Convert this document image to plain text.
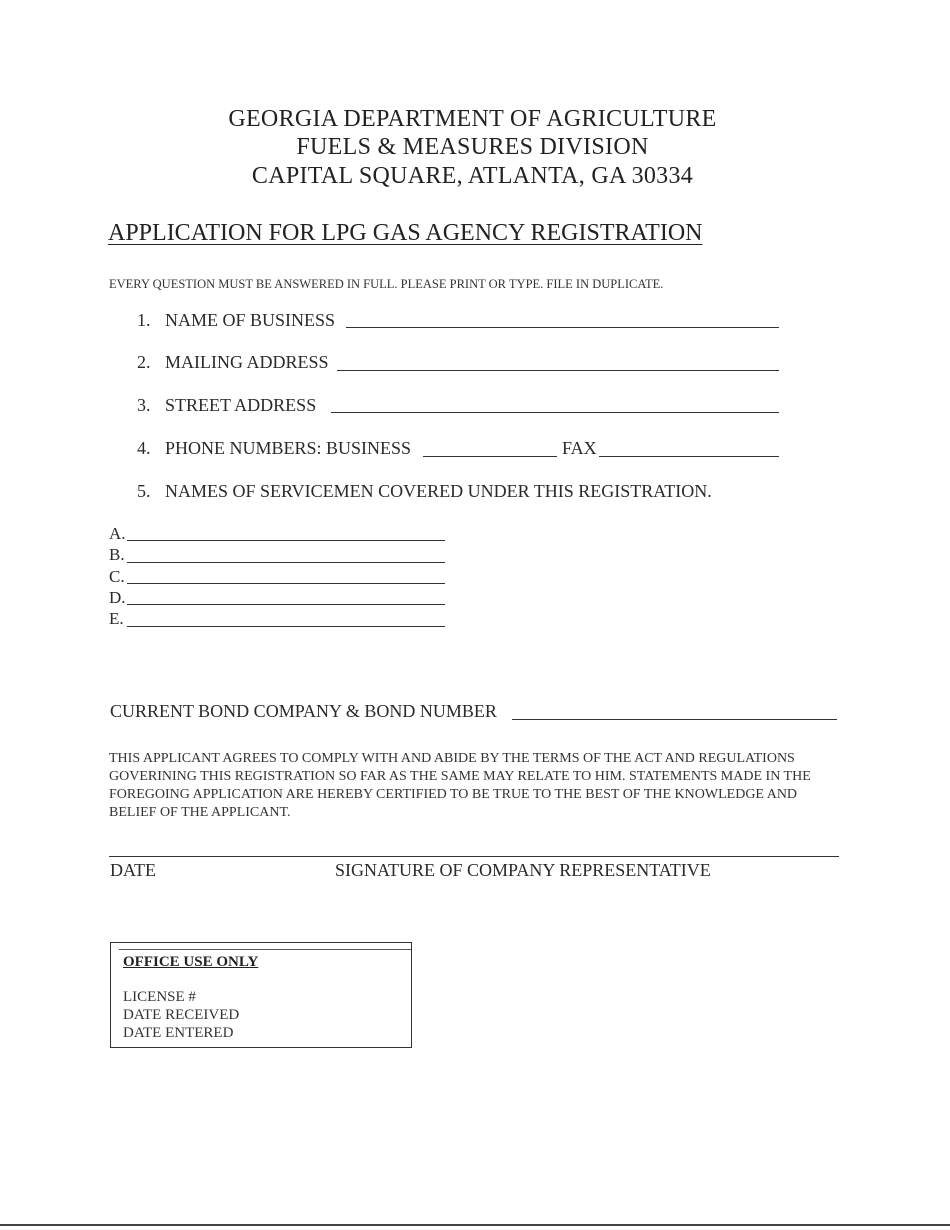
GEORGIA DEPARTMENT OF AGRICULTURE
FUELS & MEASURES DIVISION
CAPITAL SQUARE, ATLANTA, GA 30334
APPLICATION FOR LPG GAS AGENCY REGISTRATION
EVERY QUESTION MUST BE ANSWERED IN FULL. PLEASE PRINT OR TYPE. FILE IN DUPLICATE.
1. NAME OF BUSINESS
2. MAILING ADDRESS
3. STREET ADDRESS
4. PHONE NUMBERS: BUSINESS	FAX
5. NAMES OF SERVICEMEN COVERED UNDER THIS REGISTRATION.
A.
B.
C.
D.
E.
CURRENT BOND COMPANY & BOND NUMBER
THIS APPLICANT AGREES TO COMPLY WITH AND ABIDE BY THE TERMS OF THE ACT AND REGULATIONS GOVERINING THIS REGISTRATION SO FAR AS THE SAME MAY RELATE TO HIM. STATEMENTS MADE IN THE FOREGOING APPLICATION ARE HEREBY CERTIFIED TO BE TRUE TO THE BEST OF THE KNOWLEDGE AND BELIEF OF THE APPLICANT.
DATE	SIGNATURE OF COMPANY REPRESENTATIVE
OFFICE USE ONLY
LICENSE #
DATE RECEIVED
DATE ENTERED
